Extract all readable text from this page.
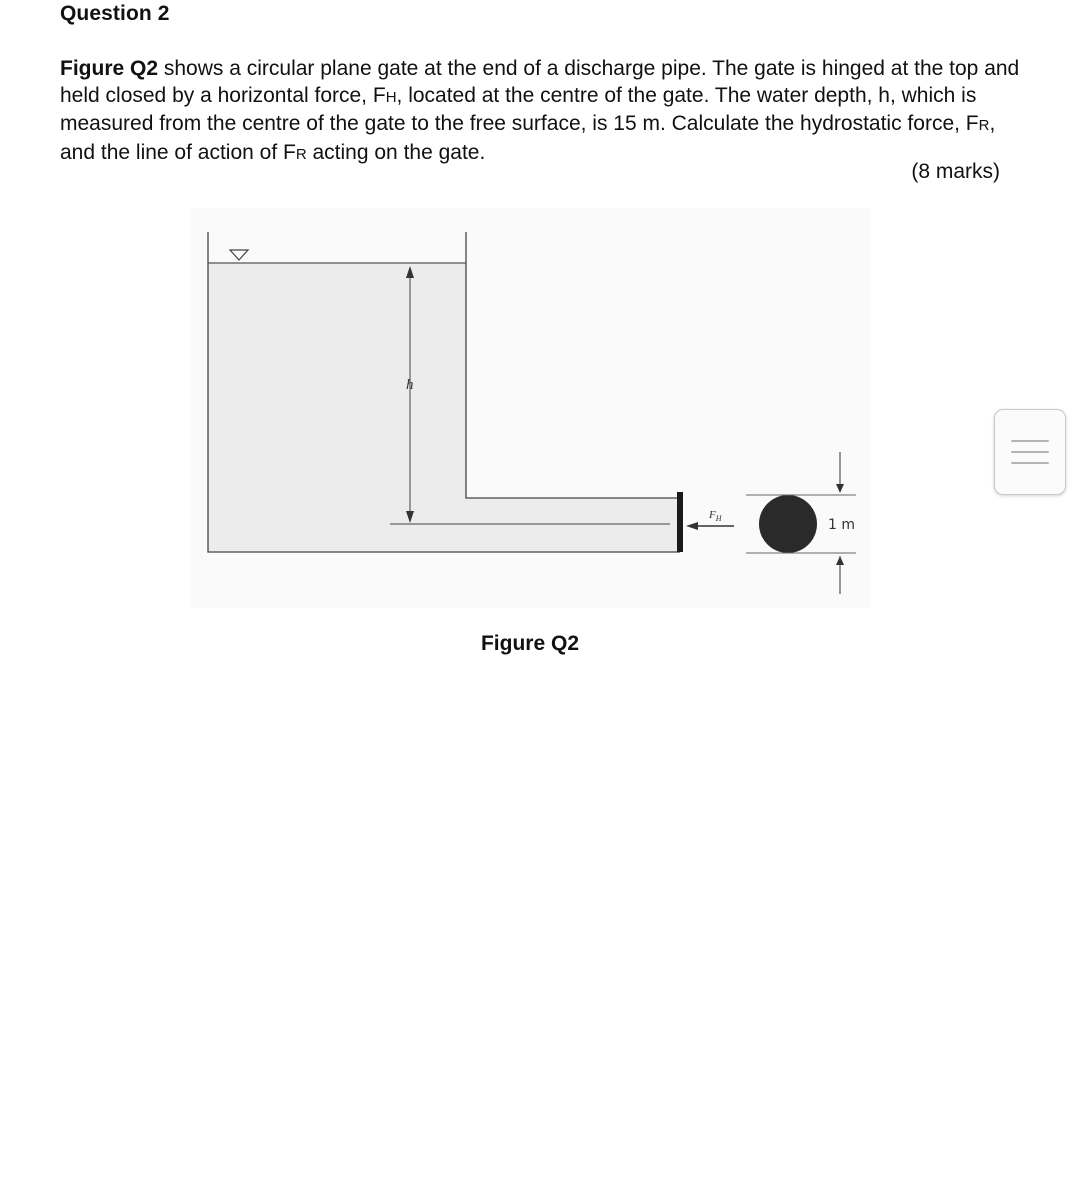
Question 2

Figure Q2 shows a circular plane gate at the end of a discharge pipe. The gate is hinged at the top and held closed by a horizontal force, FH, located at the centre of the gate. The water depth, h, which is measured from the centre of the gate to the free surface, is 15 m. Calculate the hydrostatic force, FR, and the line of action of FR acting on the gate.

(8 marks)
h
$F_H$	1 m
Figure Q2
